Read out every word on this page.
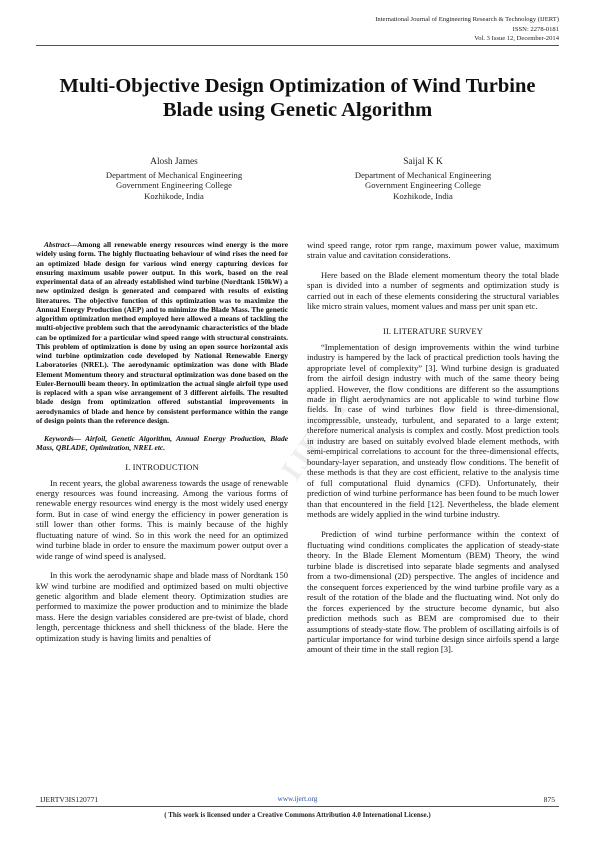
International Journal of Engineering Research & Technology (IJERT)
ISSN: 2278-0181
Vol. 3 Issue 12, December-2014
Multi-Objective Design Optimization of Wind Turbine Blade using Genetic Algorithm
Alosh James
Department of Mechanical Engineering
Government Engineering College
Kozhikode, India
Saijal K K
Department of Mechanical Engineering
Government Engineering College
Kozhikode, India
IJERT

Abstract—Among all renewable energy resources wind energy is the more widely using form. The highly fluctuating behaviour of wind rises the need for an optimized blade design for various wind energy capturing devices for ensuring maximum usable power output. In this work, based on the real experimental data of an already established wind turbine (Nordtank 150kW) a new optimized design is generated and compared with results of existing literatures. The objective function of this optimization was to maximize the Annual Energy Production (AEP) and to minimize the Blade Mass. The genetic algorithm optimization method employed here allowed a means of tackling the multi-objective problem such that the aerodynamic characteristics of the blade can be optimized for a particular wind speed range with structural constraints. This problem of optimization is done by using an open source horizontal axis wind turbine optimization code developed by National Renewable Energy Laboratories (NREL). The aerodynamic optimization was done with Blade Element Momentum theory and structural optimization was done based on the Euler-Bernoulli beam theory. In optimization the actual single airfoil type used is replaced with a span wise arrangement of 3 different airfoils. The resulted blade design from optimization offered substantial improvements in aerodynamics of blade and hence by consistent performance within the range of design points than the reference design.

Keywords— Airfoil, Genetic Algorithm, Annual Energy Production, Blade Mass, QBLADE, Optimization, NREL etc.

I. INTRODUCTION

In recent years, the global awareness towards the usage of renewable energy resources was found increasing. Among the various forms of renewable energy resources wind energy is the most widely used energy form. But in case of wind energy the efficiency in power generation is still lower than other forms. This is mainly because of the highly fluctuating nature of wind. So in this work the need for an optimized wind turbine blade in order to ensure the maximum power output over a wide range of wind speed is analysed.

In this work the aerodynamic shape and blade mass of Nordtank 150 kW wind turbine are modified and optimized based on multi objective genetic algorithm and blade element theory. Optimization studies are performed to maximize the power production and to minimize the blade mass. Here the design variables considered are pre-twist of blade, chord length, percentage thickness and shell thickness of the blade. Here the optimization study is having limits and penalties of

wind speed range, rotor rpm range, maximum power value, maximum strain value and cavitation considerations.

Here based on the Blade element momentum theory the total blade span is divided into a number of segments and optimization study is carried out in each of these elements considering the structural variables like micro strain values, moment values and mass per unit span etc.

II. LITERATURE SURVEY

“Implementation of design improvements within the wind turbine industry is hampered by the lack of practical prediction tools having the appropriate level of complexity” [3]. Wind turbine design is graduated from the airfoil design industry with much of the same theory being applied. However, the flow conditions are different so the assumptions made in flight aerodynamics are not applicable to wind turbine flow fields. In case of wind turbines flow field is three-dimensional, incompressible, unsteady, turbulent, and separated to a large extent; therefore numerical analysis is complex and costly. Most prediction tools in industry are based on suitably evolved blade element methods, with semi-empirical correlations to account for the three-dimensional effects, boundary-layer separation, and unsteady flow conditions. The benefit of these methods is that they are cost efficient, relative to the analysis time of full computational fluid dynamics (CFD). Unfortunately, their prediction of wind turbine performance has been found to be much lower than that encountered in the field [12]. Nevertheless, the blade element methods are widely applied in the wind turbine industry.

Prediction of wind turbine performance within the context of fluctuating wind conditions complicates the application of steady-state theory. In the Blade Element Momentum (BEM) Theory, the wind turbine blade is discretised into separate blade segments and analysed from a two-dimensional (2D) perspective. The angles of incidence and the consequent forces experienced by the wind turbine profile vary as a result of the rotation of the blade and the fluctuating wind. Not only do the forces experienced by the structure become dynamic, but also prediction methods such as BEM are compromised due to their assumptions of steady-state flow. The problem of oscillating airfoils is of particular importance for wind turbine design since airfoils spend a large amount of their time in the stall region [3].

IJERTV3IS120771	www.ijert.org	875
( This work is licensed under a Creative Commons Attribution 4.0 International License.)
